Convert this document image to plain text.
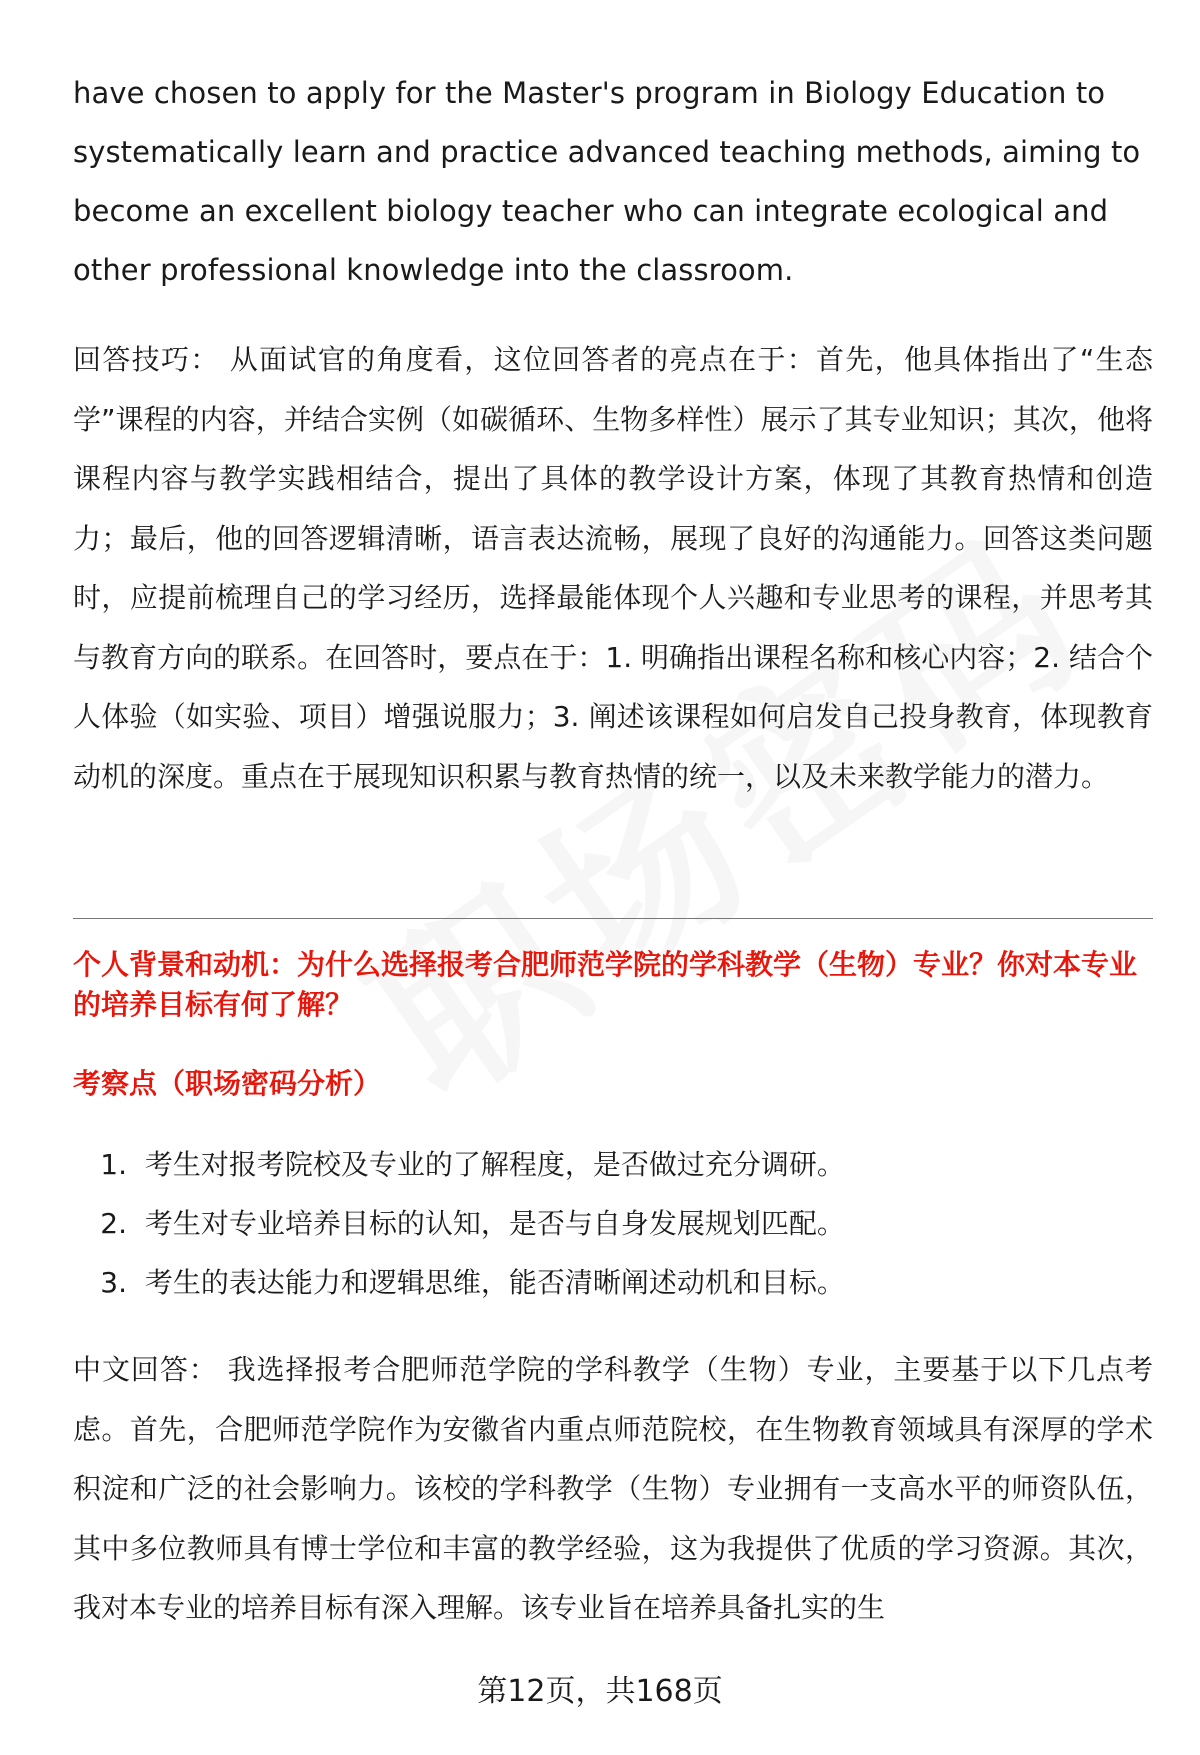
have chosen to apply for the Master's program in Biology Education to

systematically learn and practice advanced teaching methods, aiming to

become an excellent biology teacher who can integrate ecological and

other professional knowledge into the classroom.

回答技巧： 从面试官的角度看，这位回答者的亮点在于：首先，他具体指出了“生态学”课程的内容，并结合实例（如碳循环、生物多样性）展示了其专业知识；其次，他将课程内容与教学实践相结合，提出了具体的教学设计方案，体现了其教育热情和创造力；最后，他的回答逻辑清晰，语言表达流畅，展现了良好的沟通能力。回答这类问题时，应提前梳理自己的学习经历，选择最能体现个人兴趣和专业思考的课程，并思考其与教育方向的联系。在回答时，要点在于：1. 明确指出课程名称和核心内容；2. 结合个人体验（如实验、项目）增强说服力；3. 阐述该课程如何启发自己投身教育，体现教育动机的深度。重点在于展现知识积累与教育热情的统一，以及未来教学能力的潜力。

个人背景和动机：为什么选择报考合肥师范学院的学科教学（生物）专业？你对本专业的培养目标有何了解？

考察点（职场密码分析）

1. 考生对报考院校及专业的了解程度，是否做过充分调研。
2. 考生对专业培养目标的认知，是否与自身发展规划匹配。
3. 考生的表达能力和逻辑思维，能否清晰阐述动机和目标。

中文回答： 我选择报考合肥师范学院的学科教学（生物）专业，主要基于以下几点考虑。首先，合肥师范学院作为安徽省内重点师范院校，在生物教育领域具有深厚的学术积淀和广泛的社会影响力。该校的学科教学（生物）专业拥有一支高水平的师资队伍，其中多位教师具有博士学位和丰富的教学经验，这为我提供了优质的学习资源。其次，我对本专业的培养目标有深入理解。该专业旨在培养具备扎实的生

第12页，共168页
